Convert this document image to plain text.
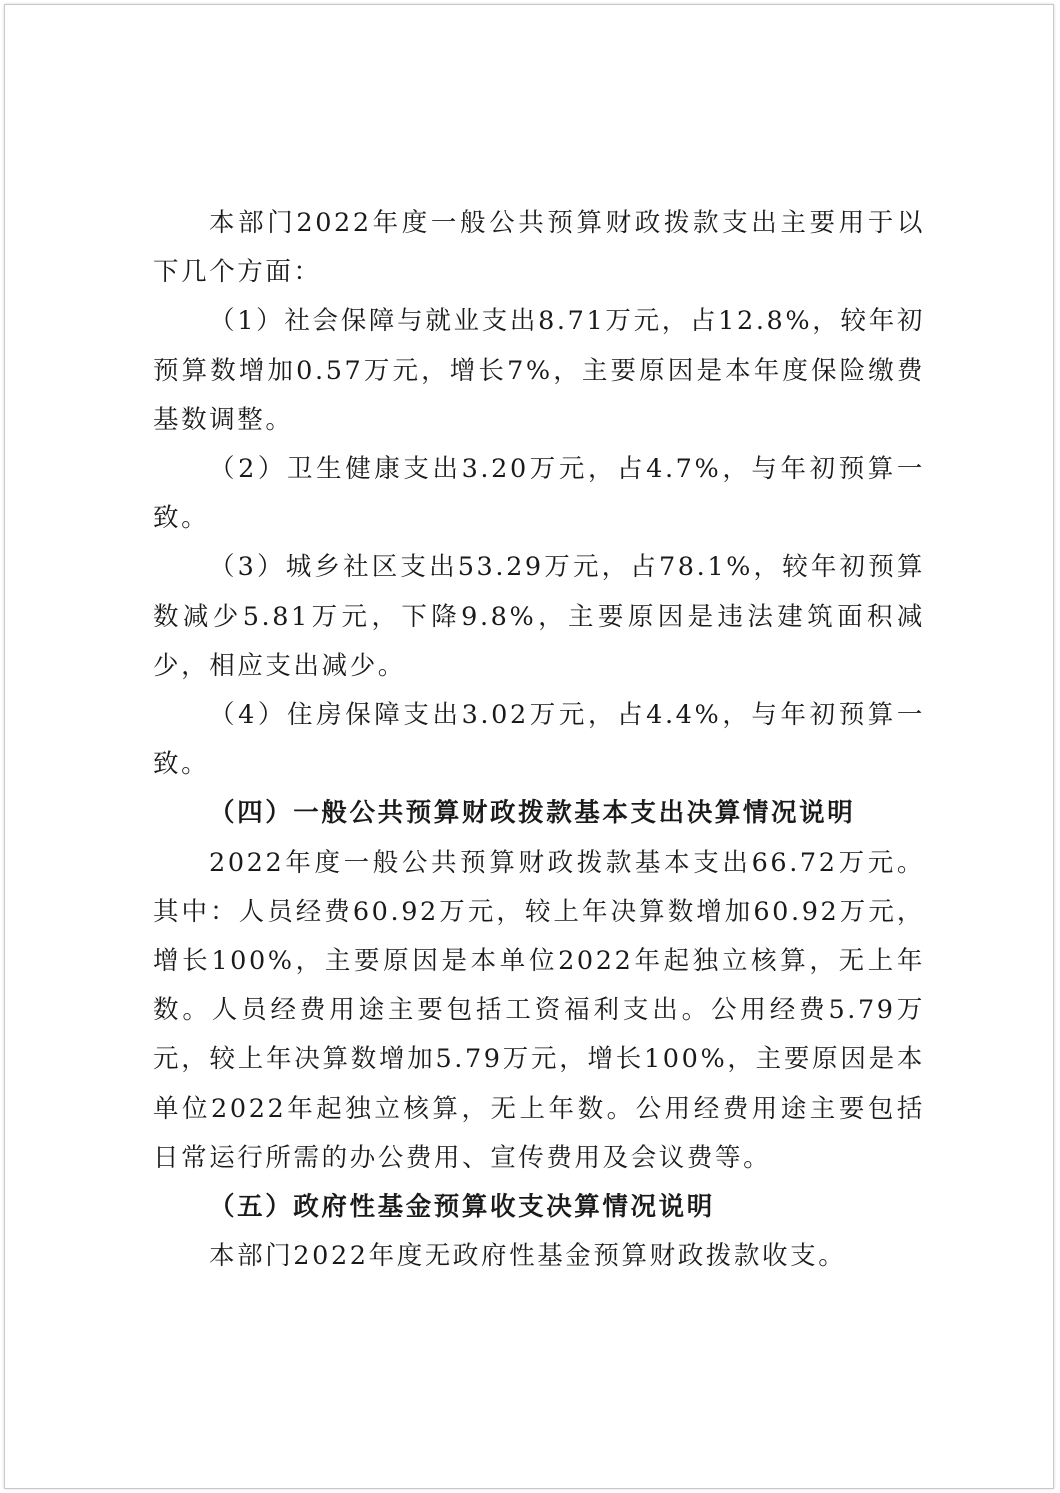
本部门2022年度一般公共预算财政拨款支出主要用于以下几个方面：

（1）社会保障与就业支出8.71万元，占12.8%，较年初预算数增加0.57万元，增长7%，主要原因是本年度保险缴费基数调整。

（2）卫生健康支出3.20万元，占4.7%，与年初预算一致。

（3）城乡社区支出53.29万元，占78.1%，较年初预算数减少5.81万元，下降9.8%，主要原因是违法建筑面积减少，相应支出减少。

（4）住房保障支出3.02万元，占4.4%，与年初预算一致。

（四）一般公共预算财政拨款基本支出决算情况说明

2022年度一般公共预算财政拨款基本支出66.72万元。其中：人员经费60.92万元，较上年决算数增加60.92万元，增长100%，主要原因是本单位2022年起独立核算，无上年数。人员经费用途主要包括工资福利支出。公用经费5.79万元，较上年决算数增加5.79万元，增长100%，主要原因是本单位2022年起独立核算，无上年数。公用经费用途主要包括日常运行所需的办公费用、宣传费用及会议费等。

（五）政府性基金预算收支决算情况说明

本部门2022年度无政府性基金预算财政拨款收支。
